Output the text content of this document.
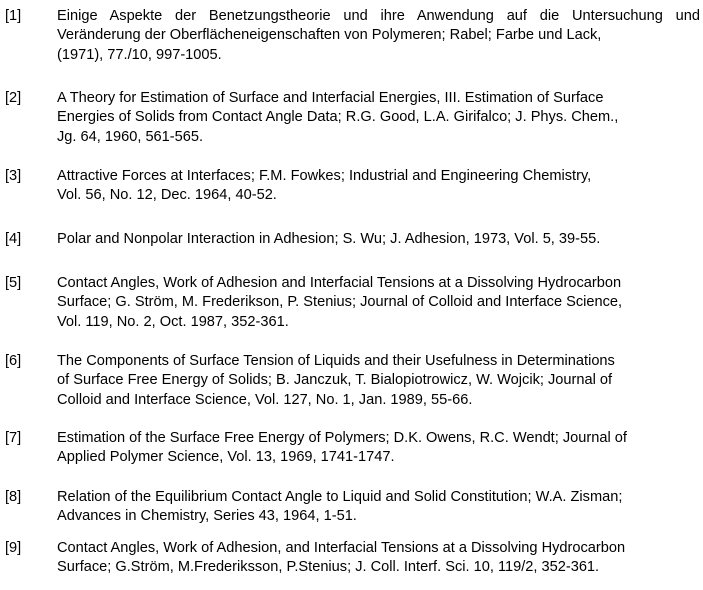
[1] Einige Aspekte der Benetzungstheorie und ihre Anwendung auf die Untersuchung und
Veränderung der Oberflächeneigenschaften von Polymeren; Rabel; Farbe und Lack,
(1971), 77./10, 997-1005.
[2] A Theory for Estimation of Surface and Interfacial Energies, III. Estimation of Surface
Energies of Solids from Contact Angle Data; R.G. Good, L.A. Girifalco; J. Phys. Chem.,
Jg. 64, 1960, 561-565.
[3] Attractive Forces at Interfaces; F.M. Fowkes; Industrial and Engineering Chemistry,
Vol. 56, No. 12, Dec. 1964, 40-52.
[4] Polar and Nonpolar Interaction in Adhesion; S. Wu; J. Adhesion, 1973, Vol. 5, 39-55.
[5] Contact Angles, Work of Adhesion and Interfacial Tensions at a Dissolving Hydrocarbon
Surface; G. Ström, M. Frederikson, P. Stenius; Journal of Colloid and Interface Science,
Vol. 119, No. 2, Oct. 1987, 352-361.
[6] The Components of Surface Tension of Liquids and their Usefulness in Determinations
of Surface Free Energy of Solids; B. Janczuk, T. Bialopiotrowicz, W. Wojcik; Journal of
Colloid and Interface Science, Vol. 127, No. 1, Jan. 1989, 55-66.
[7] Estimation of the Surface Free Energy of Polymers; D.K. Owens, R.C. Wendt; Journal of
Applied Polymer Science, Vol. 13, 1969, 1741-1747.
[8] Relation of the Equilibrium Contact Angle to Liquid and Solid Constitution; W.A. Zisman;
Advances in Chemistry, Series 43, 1964, 1-51.
[9] Contact Angles, Work of Adhesion, and Interfacial Tensions at a Dissolving Hydrocarbon
Surface; G.Ström, M.Frederiksson, P.Stenius; J. Coll. Interf. Sci. 10, 119/2, 352-361.
